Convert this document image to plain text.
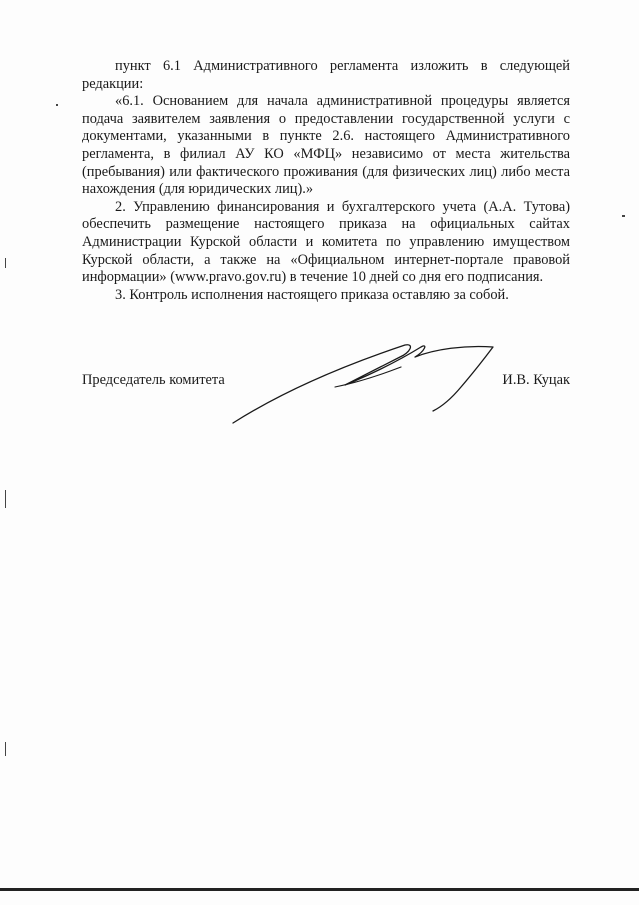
пункт 6.1 Административного регламента изложить в следующей редакции:

«6.1. Основанием для начала административной процедуры является подача заявителем заявления о предоставлении государственной услуги с документами, указанными в пункте 2.6. настоящего Административного регламента, в филиал АУ КО «МФЦ» независимо от места жительства (пребывания) или фактического проживания (для физических лиц) либо места нахождения (для юридических лиц).»

2. Управлению финансирования и бухгалтерского учета (А.А. Тутова) обеспечить размещение настоящего приказа на официальных сайтах Администрации Курской области и комитета по управлению имуществом Курской области, а также на «Официальном интернет-портале правовой информации» (www.pravo.gov.ru) в течение 10 дней со дня его подписания.

3. Контроль исполнения настоящего приказа оставляю за собой.

Председатель комитета	И.В. Куцак
